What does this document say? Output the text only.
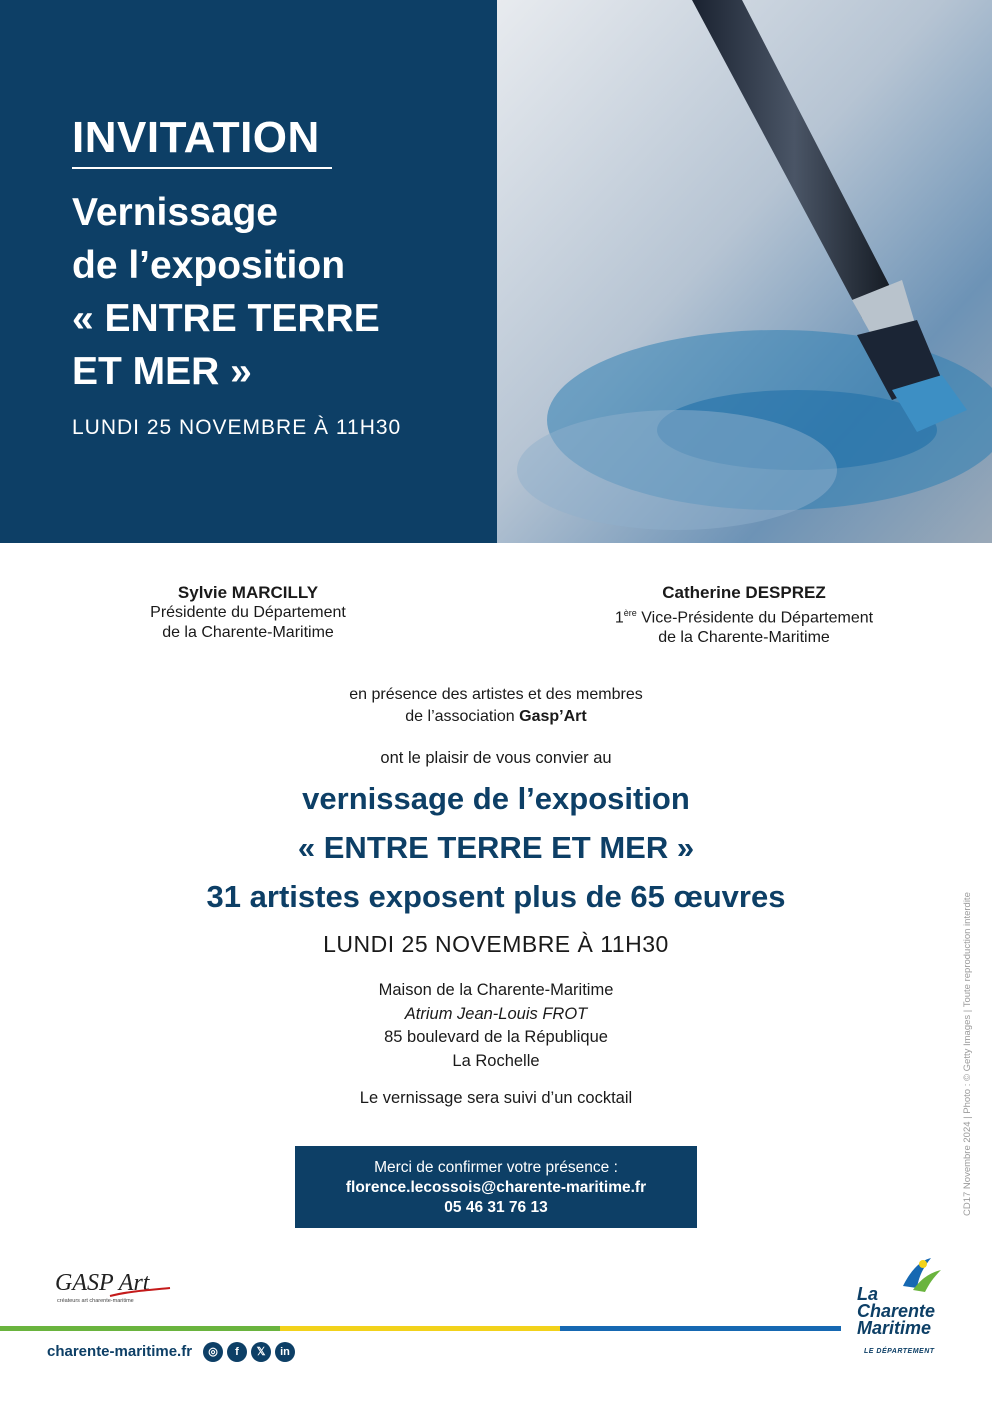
INVITATION
Vernissage
de l’exposition
« ENTRE TERRE
ET MER »
LUNDI 25 NOVEMBRE À 11H30
Sylvie MARCILLY
Présidente du Département
de la Charente-Maritime
Catherine DESPREZ
1ère Vice-Présidente du Département
de la Charente-Maritime
en présence des artistes et des membres
de l’association Gasp’Art
ont le plaisir de vous convier au
vernissage de l’exposition
« ENTRE TERRE ET MER »
31 artistes exposent plus de 65 œuvres
LUNDI 25 NOVEMBRE À 11H30
Maison de la Charente-Maritime
Atrium Jean-Louis FROT
85 boulevard de la République
La Rochelle
Le vernissage sera suivi d’un cocktail
Merci de confirmer votre présence :
florence.lecossois@charente-maritime.fr
05 46 31 76 13	CD17 Novembre 2024 | Photo : © Getty Images | Toute reproduction interdite
GASP Art
créateurs art charente-maritime
charente-maritime.fr	◎	f	𝕏	in
La
Charente
Maritime
LE DÉPARTEMENT
